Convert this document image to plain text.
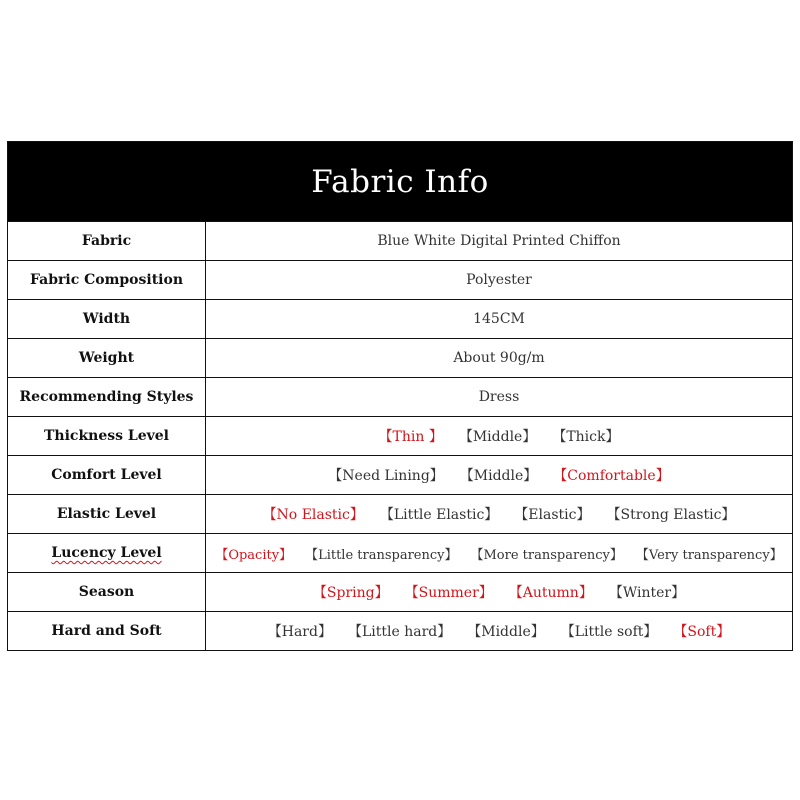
Fabric Info
Fabric	Blue White Digital Printed Chiffon
Fabric Composition	Polyester
Width	145CM
Weight	About 90g/m
Recommending Styles	Dress
Thickness Level	【Thin 】 【Middle】 【Thick】
Comfort Level	【Need Lining】 【Middle】 【Comfortable】
Elastic Level	【No Elastic】 【Little Elastic】 【Elastic】 【Strong Elastic】
Lucency Level	【Opacity】 【Little transparency】 【More transparency】 【Very transparency】
Season	【Spring】 【Summer】 【Autumn】 【Winter】
Hard and Soft	【Hard】 【Little hard】 【Middle】 【Little soft】 【Soft】
